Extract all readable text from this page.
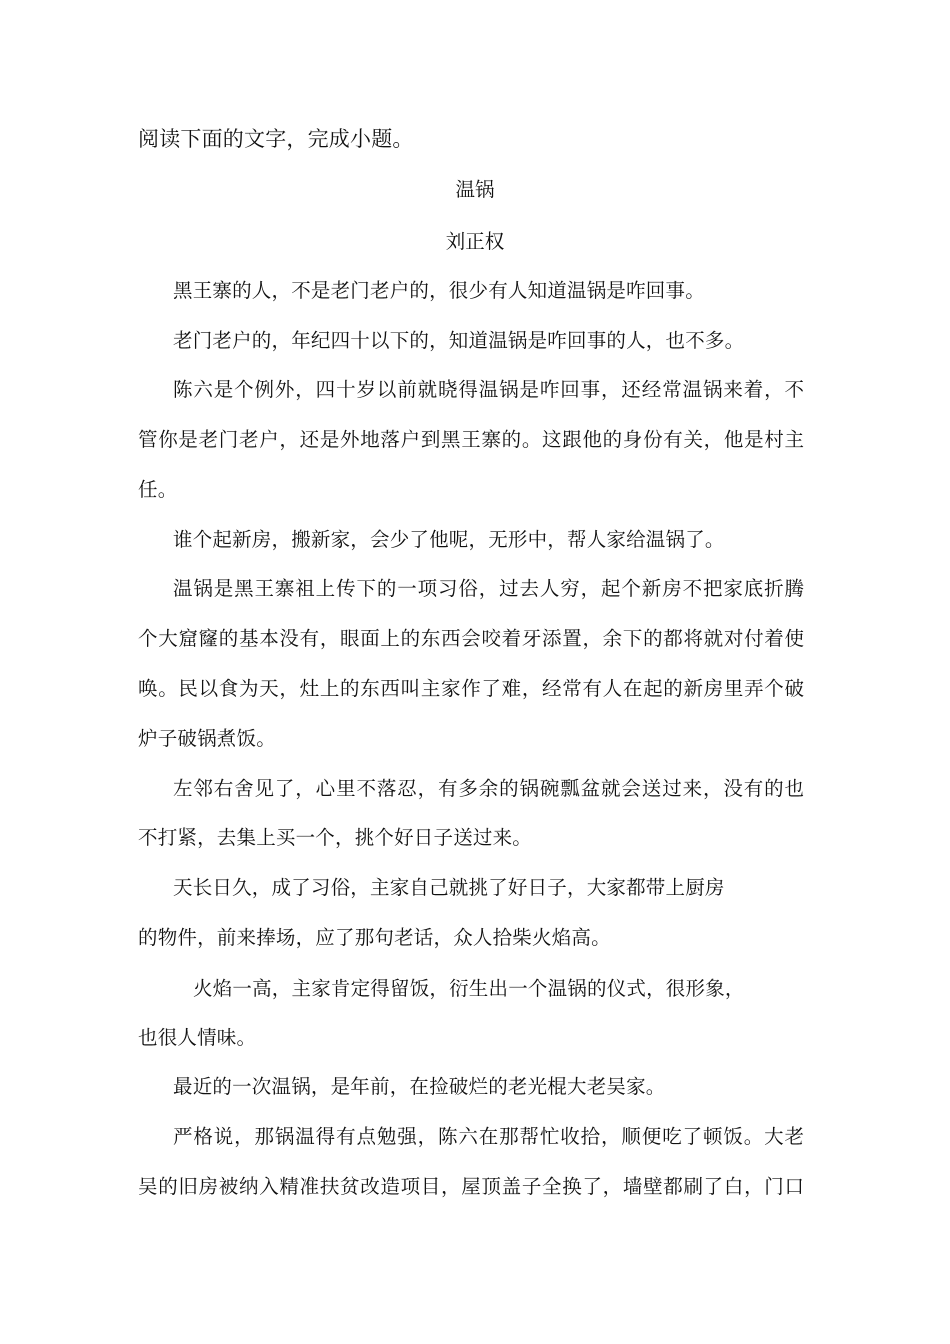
阅读下面的文字，完成小题。
温锅
刘正权
黑王寨的人，不是老门老户的，很少有人知道温锅是咋回事。
老门老户的，年纪四十以下的，知道温锅是咋回事的人，也不多。
陈六是个例外，四十岁以前就晓得温锅是咋回事，还经常温锅来着，不
管你是老门老户，还是外地落户到黑王寨的。这跟他的身份有关，他是村主
任。
谁个起新房，搬新家，会少了他呢，无形中，帮人家给温锅了。
温锅是黑王寨祖上传下的一项习俗，过去人穷，起个新房不把家底折腾
个大窟窿的基本没有，眼面上的东西会咬着牙添置，余下的都将就对付着使
唤。民以食为天，灶上的东西叫主家作了难，经常有人在起的新房里弄个破
炉子破锅煮饭。
左邻右舍见了，心里不落忍，有多余的锅碗瓢盆就会送过来，没有的也
不打紧，去集上买一个，挑个好日子送过来。
天长日久，成了习俗，主家自己就挑了好日子，大家都带上厨房
的物件，前来捧场，应了那句老话，众人拾柴火焰高。
火焰一高，主家肯定得留饭，衍生出一个温锅的仪式，很形象，
也很人情味。
最近的一次温锅，是年前，在捡破烂的老光棍大老吴家。
严格说，那锅温得有点勉强，陈六在那帮忙收拾，顺便吃了顿饭。大老
吴的旧房被纳入精准扶贫改造项目，屋顶盖子全换了，墙壁都刷了白，门口
